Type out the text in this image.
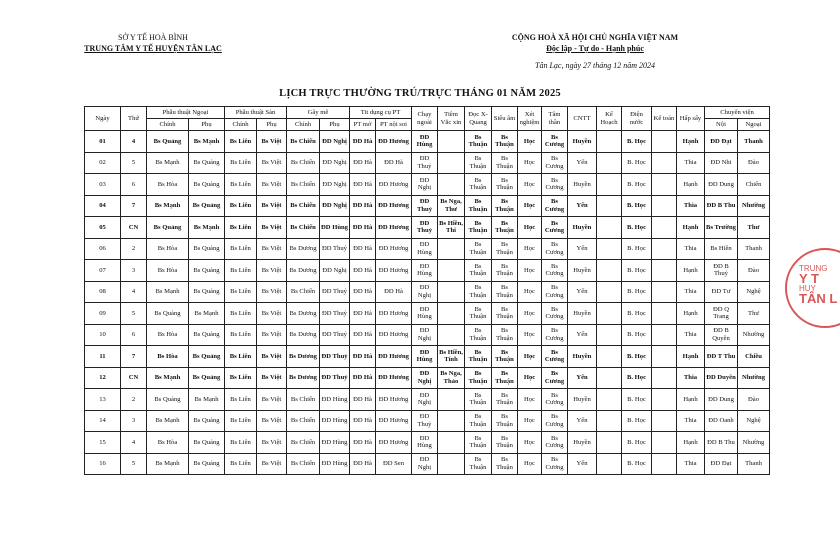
SỞ Y TẾ HOÀ BÌNH
TRUNG TÂM Y TẾ HUYỆN TÂN LẠC
CỘNG HOÀ XÃ HỘI CHỦ NGHĨA VIỆT NAM
Độc lập - Tự do - Hạnh phúc
Tân Lạc, ngày 27 tháng 12 năm 2024
LỊCH TRỰC THƯỜNG TRÚ/TRỰC THÁNG 01 NĂM 2025
Ngày	Thứ	Phẫu thuật Ngoại		Phẫu thuật Sản		Gây mê		Tit dụng cụ PT		Chạy ngoài	Tiêm Vắc xin	Đọc X-Quang	Siêu âm	Xét nghiệm	Tâm thần	CNTT	Kế Hoạch	Điện nước	Kế toán	Hấp sấy	Chuyển viện	
		Chính	Phụ	Chính	Phụ	Chính	Phụ	PT mở	PT nội soi												Nội	Ngoại
01	4	Bs Quảng	Bs Mạnh	Bs Liên	Bs Việt	Bs Chiến	ĐD Nghị	ĐD Hà	ĐD Hương	ĐD Hùng		Bs Thuận	Bs Thuận	Học	Bs Cương	Huyền		B. Học		Hạnh	ĐD Đạt	Thanh
02	5	Bs Mạnh	Bs Quảng	Bs Liên	Bs Việt	Bs Chiến	ĐD Nghị	ĐD Hà	ĐD Hà	ĐD Thuỷ		Bs Thuận	Bs Thuận	Học	Bs Cương	Yến		B. Học		Thia	ĐD Nhi	Đào
03	6	Bs Hòa	Bs Quảng	Bs Liên	Bs Việt	Bs Chiến	ĐD Nghị	ĐD Hà	ĐD Hương	ĐD Nghị		Bs Thuận	Bs Thuận	Học	Bs Cương	Huyền		B. Học		Hạnh	ĐD Dung	Chiến
04	7	Bs Mạnh	Bs Quảng	Bs Liên	Bs Việt	Bs Chiến	ĐD Nghị	ĐD Hà	ĐD Hương	ĐD Thuỷ	Bs Nga, Thư	Bs Thuận	Bs Thuận	Học	Bs Cương	Yến		B. Học		Thia	ĐD B Thu	Nhường
05	CN	Bs Quảng	Bs Mạnh	Bs Liên	Bs Việt	Bs Chiến	ĐD Hùng	ĐD Hà	ĐD Hương	ĐD Thuỷ	Bs Hiền, Thi	Bs Thuận	Bs Thuận	Học	Bs Cương	Huyền		B. Học		Hạnh	Bs Trường	Thư
06	2	Bs Hòa	Bs Quảng	Bs Liên	Bs Việt	Bs Dương	ĐD Thuỷ	ĐD Hà	ĐD Hương	ĐD Hùng		Bs Thuận	Bs Thuận	Học	Bs Cương	Yến		B. Học		Thia	Bs Hiền	Thanh
07	3	Bs Hòa	Bs Quảng	Bs Liên	Bs Việt	Bs Dương	ĐD Nghị	ĐD Hà	ĐD Hương	ĐD Hùng		Bs Thuận	Bs Thuận	Học	Bs Cương	Huyền		B. Học		Hạnh	ĐD B Thuỷ	Đào
08	4	Bs Mạnh	Bs Quảng	Bs Liên	Bs Việt	Bs Chiến	ĐD Thuỷ	ĐD Hà	ĐD Hà	ĐD Nghị		Bs Thuận	Bs Thuận	Học	Bs Cương	Yến		B. Học		Thia	ĐD Tư	Nghệ
09	5	Bs Quảng	Bs Mạnh	Bs Liên	Bs Việt	Bs Dương	ĐD Thuỷ	ĐD Hà	ĐD Hương	ĐD Hùng		Bs Thuận	Bs Thuận	Học	Bs Cương	Huyền		B. Học		Hạnh	ĐD Q Trang	Thư
10	6	Bs Hòa	Bs Quảng	Bs Liên	Bs Việt	Bs Dương	ĐD Thuỷ	ĐD Hà	ĐD Hương	ĐD Nghị		Bs Thuận	Bs Thuận	Học	Bs Cương	Yến		B. Học		Thia	ĐD B Quyên	Nhường
11	7	Bs Hòa	Bs Quảng	Bs Liên	Bs Việt	Bs Dương	ĐD Thuỷ	ĐD Hà	ĐD Hương	ĐD Hùng	Bs Hiền, Tính	Bs Thuận	Bs Thuận	Học	Bs Cương	Huyền		B. Học		Hạnh	ĐD T Thu	Chiều
12	CN	Bs Mạnh	Bs Quảng	Bs Liên	Bs Việt	Bs Dương	ĐD Thuỷ	ĐD Hà	ĐD Hương	ĐD Nghị	Bs Nga, Thảo	Bs Thuận	Bs Thuận	Học	Bs Cương	Yến		B. Học		Thia	ĐD Duyên	Nhường
13	2	Bs Quảng	Bs Mạnh	Bs Liên	Bs Việt	Bs Chiến	ĐD Hùng	ĐD Hà	ĐD Hương	ĐD Nghị		Bs Thuận	Bs Thuận	Học	Bs Cương	Huyền		B. Học		Hạnh	ĐD Dung	Đào
14	3	Bs Mạnh	Bs Quảng	Bs Liên	Bs Việt	Bs Chiến	ĐD Hùng	ĐD Hà	ĐD Hương	ĐD Thuỷ		Bs Thuận	Bs Thuận	Học	Bs Cương	Yến		B. Học		Thia	ĐD Oanh	Nghệ
15	4	Bs Hòa	Bs Quảng	Bs Liên	Bs Việt	Bs Chiến	ĐD Hùng	ĐD Hà	ĐD Hương	ĐD Hùng		Bs Thuận	Bs Thuận	Học	Bs Cương	Huyền		B. Học		Hạnh	ĐD B Thu	Nhường
16	5	Bs Mạnh	Bs Quảng	Bs Liên	Bs Việt	Bs Chiến	ĐD Hùng	ĐD Hà	ĐD Sen	ĐD Nghị		Bs Thuận	Bs Thuận	Học	Bs Cương	Yến		B. Học		Thia	ĐD Đạt	Thanh
TRUNG
Y T
HUY
TÂN L
